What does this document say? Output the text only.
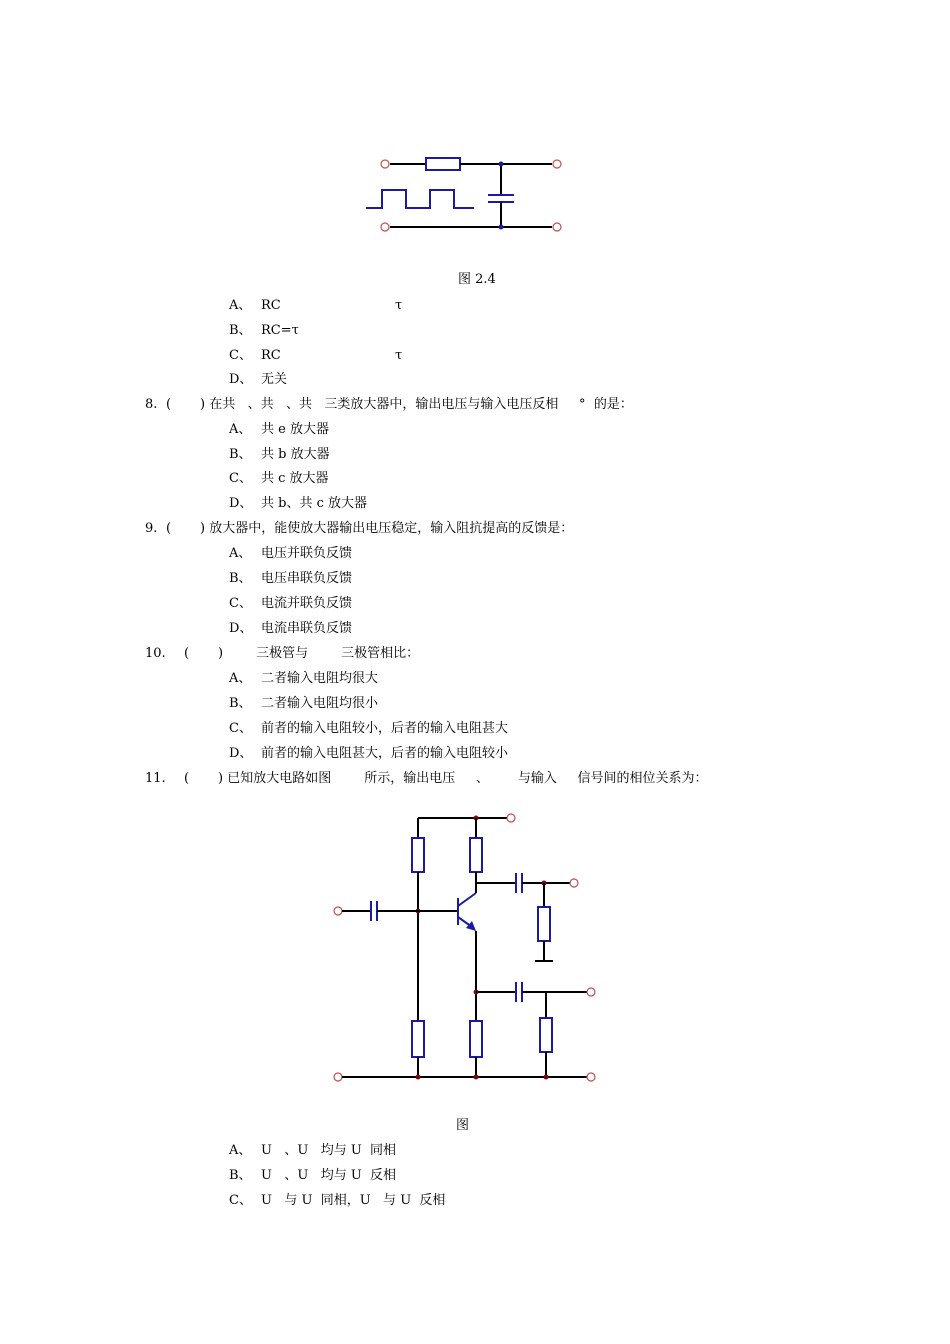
图 2.4
A、 RC	τ
B、 RC=τ
C、 RC	τ
D、 无关
8. (       ) 在共   、共   、共   三类放大器中，输出电压与输入电压反相     °  的是：
A、 共 e 放大器
B、 共 b 放大器
C、 共 c 放大器
D、 共 b、共 c 放大器
9. (       ) 放大器中，能使放大器输出电压稳定，输入阻抗提高的反馈是：
A、 电压并联负反馈
B、 电压串联负反馈
C、 电流并联负反馈
D、 电流串联负反馈
10. (       )        三极管与        三极管相比：
A、 二者输入电阻均很大
B、 二者输入电阻均很小
C、 前者的输入电阻较小，后者的输入电阻甚大
D、 前者的输入电阻甚大，后者的输入电阻较小
11. (       ) 已知放大电路如图        所示，输出电压     、       与输入     信号间的相位关系为：
图
A、 U   、U   均与 U  同相
B、 U   、U   均与 U  反相
C、 U   与 U  同相，U   与 U  反相
